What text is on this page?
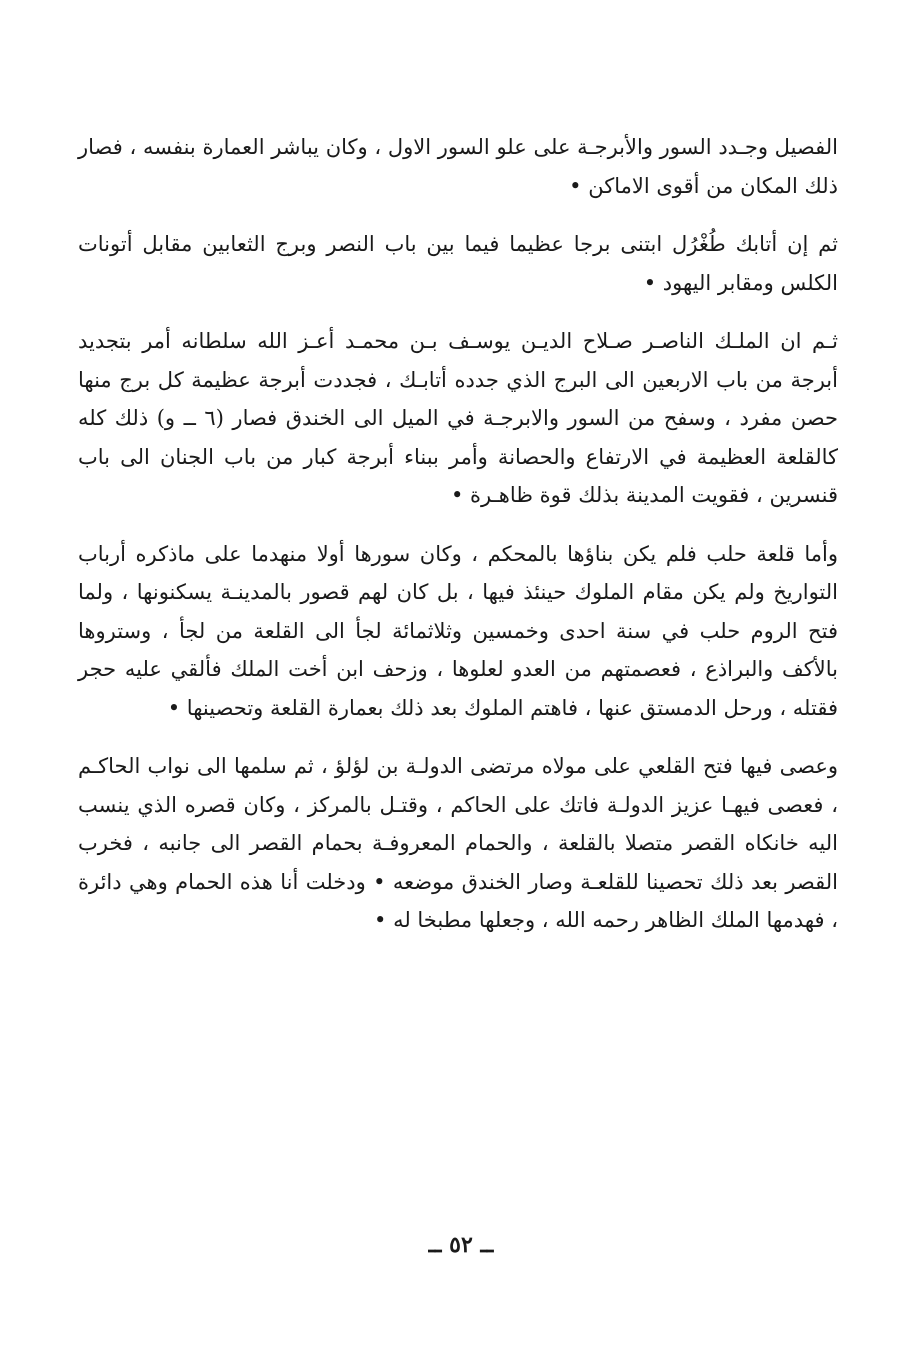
الفصيل وجـدد السور والأبرجـة على علو السور الاول ، وكان يباشر العمارة بنفسه ، فصار ذلك المكان من أقوى الاماكن •

ثم إن أتابك طُغْرُل ابتنى برجا عظيما فيما بين باب النصر وبرج الثعابين مقابل أتونات الكلس ومقابر اليهود •

ثـم ان الملـك الناصـر صـلاح الديـن يوسـف بـن محمـد أعـز الله سلطانه أمر بتجديد أبرجة من باب الاربعين الى البرج الذي جدده أتابـك ، فجددت أبرجة عظيمة كل برج منها حصن مفرد ، وسفح من السور والابرجـة في الميل الى الخندق فصار (٦ ــ و) ذلك كله كالقلعة العظيمة في الارتفاع والحصانة وأمر ببناء أبرجة كبار من باب الجنان الى باب قنسرين ، فقويت المدينة بذلك قوة ظاهـرة •

وأما قلعة حلب فلم يكن بناؤها بالمحكم ، وكان سورها أولا منهدما على ماذكره أرباب التواريخ ولم يكن مقام الملوك حينئذ فيها ، بل كان لهم قصور بالمدينـة يسكنونها ، ولما فتح الروم حلب في سنة احدى وخمسين وثلاثمائة لجأ الى القلعة من لجأ ، وستروها بالأكف والبراذع ، فعصمتهم من العدو لعلوها ، وزحف ابن أخت الملك فألقي عليه حجر فقتله ، ورحل الدمستق عنها ، فاهتم الملوك بعد ذلك بعمارة القلعة وتحصينها •

وعصى فيها فتح القلعي على مولاه مرتضى الدولـة بن لؤلؤ ، ثم سلمها الى نواب الحاكـم ، فعصى فيهـا عزيز الدولـة فاتك على الحاكم ، وقتـل بالمركز ، وكان قصره الذي ينسب اليه خانكاه القصر متصلا بالقلعة ، والحمام المعروفـة بحمام القصر الى جانبه ، فخرب القصر بعد ذلك تحصينا للقلعـة وصار الخندق موضعه • ودخلت أنا هذه الحمام وهي دائرة ، فهدمها الملك الظاهر رحمه الله ، وجعلها مطبخا له •

ــ ٥٢ ــ
